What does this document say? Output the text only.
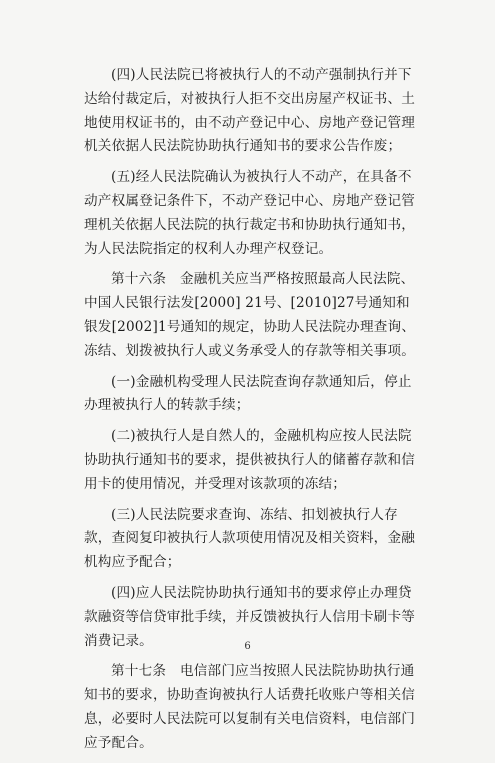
(四)人民法院已将被执行人的不动产强制执行并下达给付裁定后，对被执行人拒不交出房屋产权证书、土地使用权证书的，由不动产登记中心、房地产登记管理机关依据人民法院协助执行通知书的要求公告作废；

(五)经人民法院确认为被执行人不动产，在具备不动产权属登记条件下，不动产登记中心、房地产登记管理机关依据人民法院的执行裁定书和协助执行通知书，为人民法院指定的权利人办理产权登记。

第十六条　金融机关应当严格按照最高人民法院、中国人民银行法发[2000] 21号、[2010]27号通知和银发[2002]1号通知的规定，协助人民法院办理查询、冻结、划拨被执行人或义务承受人的存款等相关事项。

(一)金融机构受理人民法院查询存款通知后，停止办理被执行人的转款手续；

(二)被执行人是自然人的，金融机构应按人民法院协助执行通知书的要求，提供被执行人的储蓄存款和信用卡的使用情况，并受理对该款项的冻结；

(三)人民法院要求查询、冻结、扣划被执行人存款，查阅复印被执行人款项使用情况及相关资料，金融机构应予配合；

(四)应人民法院协助执行通知书的要求停止办理贷款融资等信贷审批手续，并反馈被执行人信用卡刷卡等消费记录。

第十七条　电信部门应当按照人民法院协助执行通知书的要求，协助查询被执行人话费托收账户等相关信息，必要时人民法院可以复制有关电信资料，电信部门应予配合。

6
